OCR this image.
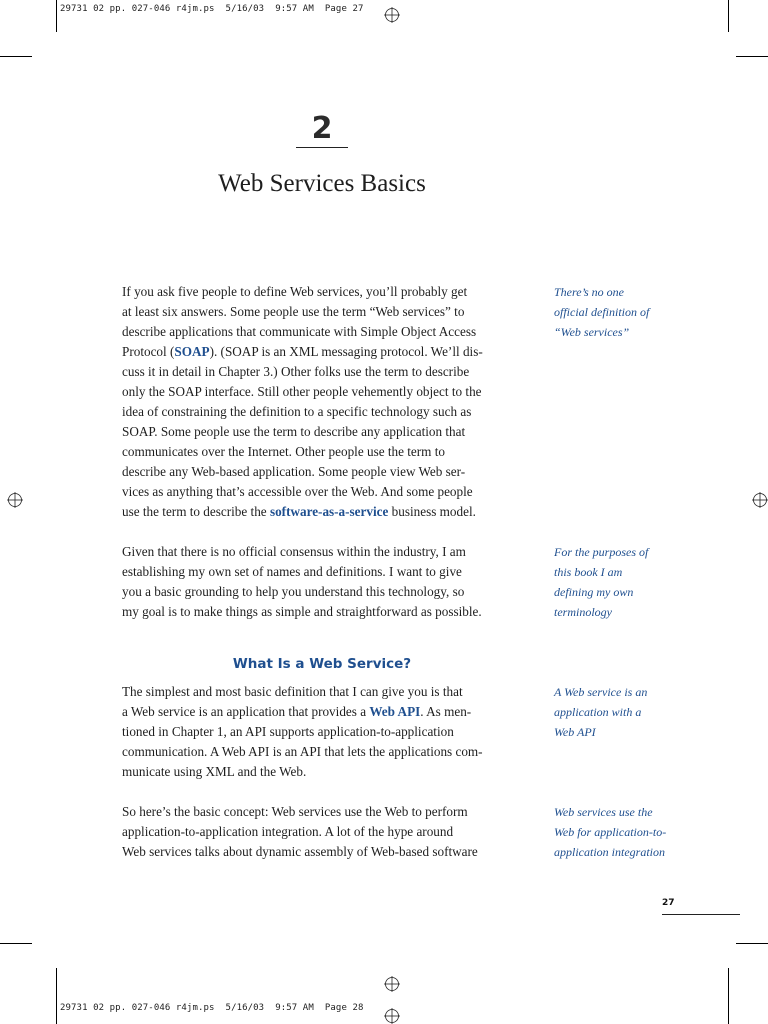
29731 02 pp. 027-046 r4jm.ps  5/16/03  9:57 AM  Page 27
29731 02 pp. 027-046 r4jm.ps  5/16/03  9:57 AM  Page 28
2
Web Services Basics
If you ask five people to define Web services, you’ll probably get
at least six answers. Some people use the term “Web services” to
describe applications that communicate with Simple Object Access
Protocol (SOAP). (SOAP is an XML messaging protocol. We’ll dis-
cuss it in detail in Chapter 3.) Other folks use the term to describe
only the SOAP interface. Still other people vehemently object to the
idea of constraining the definition to a specific technology such as
SOAP. Some people use the term to describe any application that
communicates over the Internet. Other people use the term to
describe any Web-based application. Some people view Web ser-
vices as anything that’s accessible over the Web. And some people
use the term to describe the software-as-a-service business model.
There’s no one
official definition of
“Web services”
Given that there is no official consensus within the industry, I am
establishing my own set of names and definitions. I want to give
you a basic grounding to help you understand this technology, so
my goal is to make things as simple and straightforward as possible.
For the purposes of
this book I am
defining my own
terminology
What Is a Web Service?
The simplest and most basic definition that I can give you is that
a Web service is an application that provides a Web API. As men-
tioned in Chapter 1, an API supports application-to-application
communication. A Web API is an API that lets the applications com-
municate using XML and the Web.
A Web service is an
application with a
Web API
So here’s the basic concept: Web services use the Web to perform
application-to-application integration. A lot of the hype around
Web services talks about dynamic assembly of Web-based software
Web services use the
Web for application-to-
application integration
27
